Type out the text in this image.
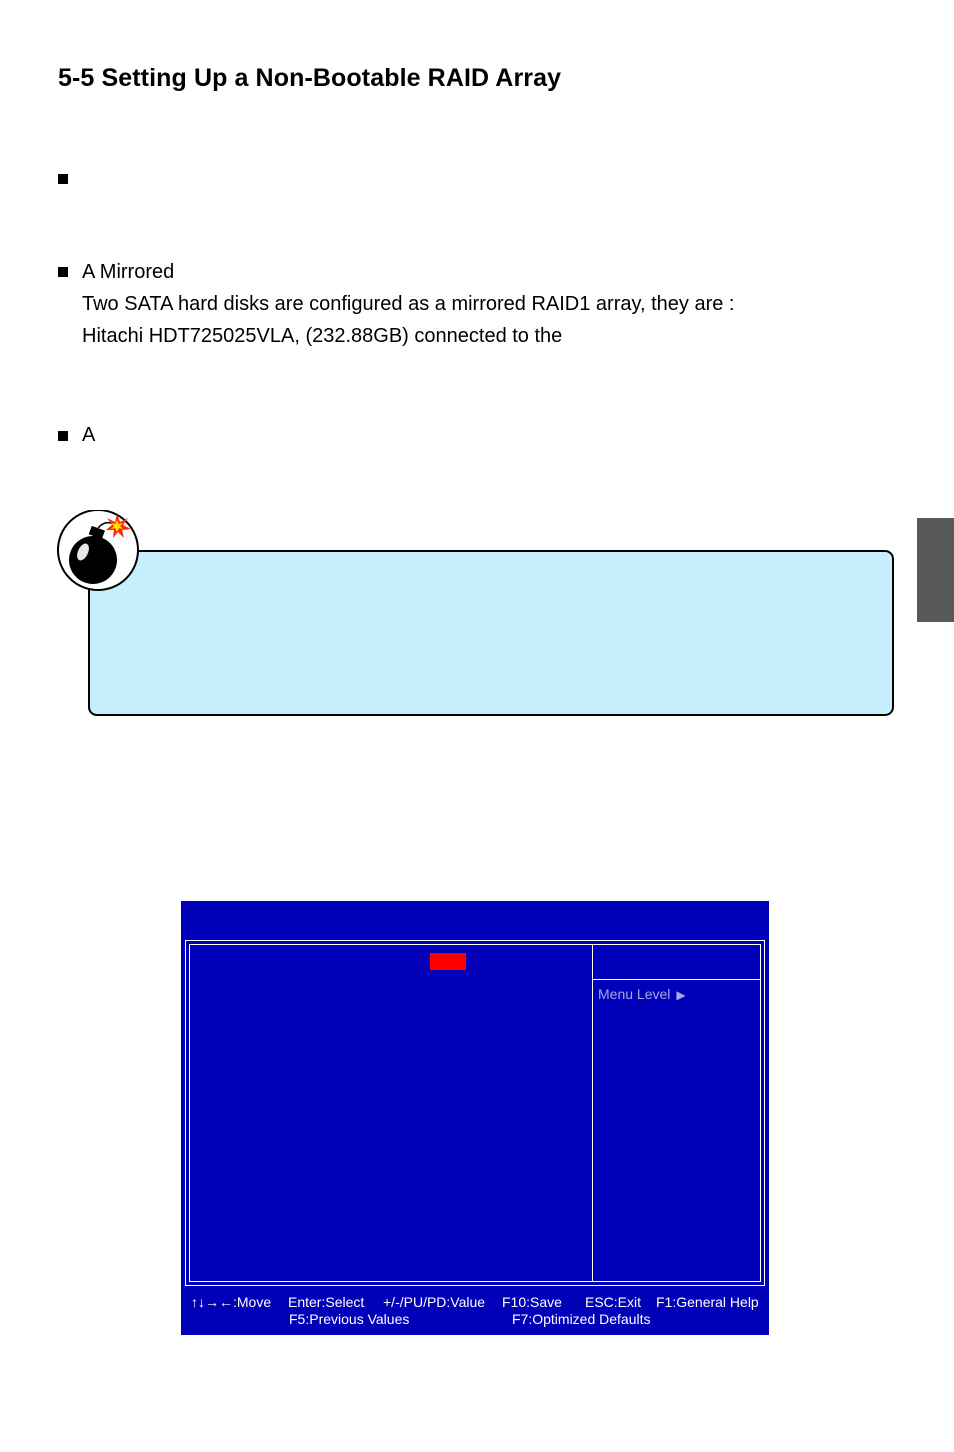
5-5 Setting Up a Non-Bootable RAID Array
A Mirrored
Two SATA hard disks are configured as a mirrored RAID1 array, they are :
Hitachi HDT725025VLA, (232.88GB) connected to the
A
Menu Level ▶
↑↓→←:Move Enter:Select +/-/PU/PD:Value F10:Save ESC:Exit F1:General Help
F5:Previous Values	F7:Optimized Defaults
